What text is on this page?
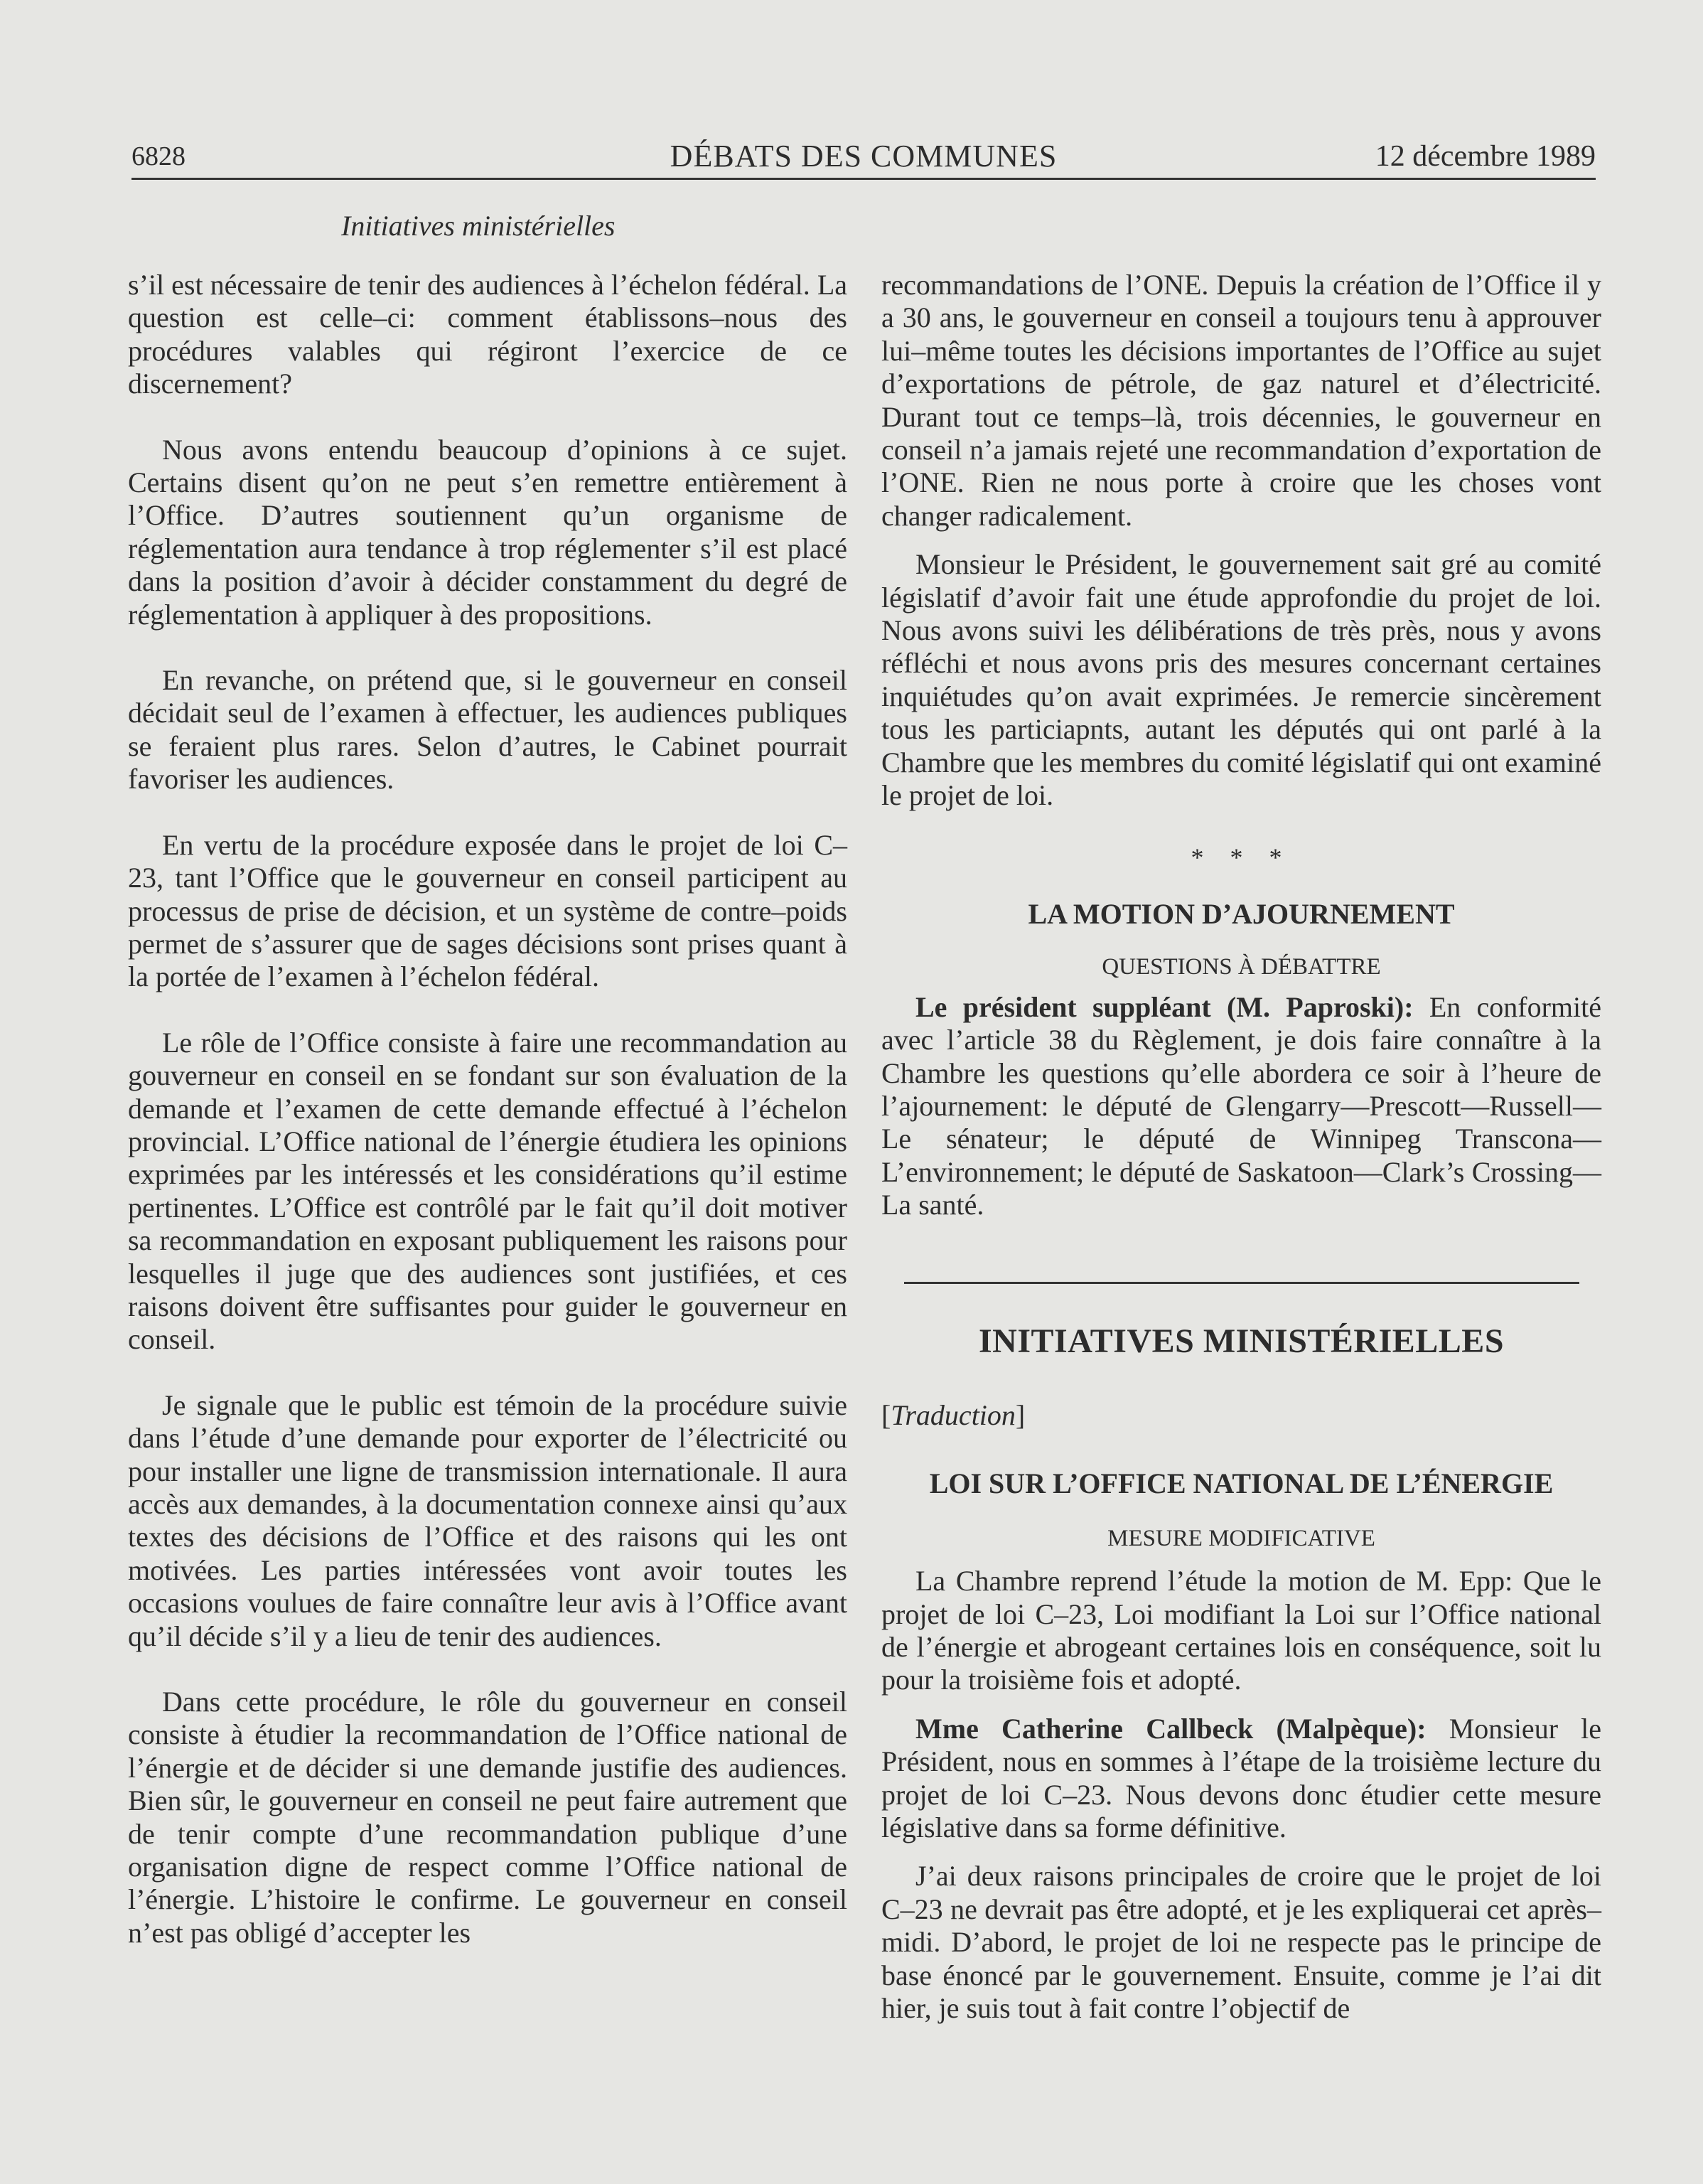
6828	DÉBATS DES COMMUNES	12 décembre 1989
Initiatives ministérielles

s’il est nécessaire de tenir des audiences à l’échelon fédéral. La question est celle–ci: comment établissons–nous des procédures valables qui régiront l’exercice de ce discernement?

Nous avons entendu beaucoup d’opinions à ce sujet. Certains disent qu’on ne peut s’en remettre entièrement à l’Office. D’autres soutiennent qu’un organisme de réglementation aura tendance à trop réglementer s’il est placé dans la position d’avoir à décider constamment du degré de réglementation à appliquer à des propositions.

En revanche, on prétend que, si le gouverneur en conseil décidait seul de l’examen à effectuer, les audiences publiques se feraient plus rares. Selon d’autres, le Cabinet pourrait favoriser les audiences.

En vertu de la procédure exposée dans le projet de loi C–23, tant l’Office que le gouverneur en conseil participent au processus de prise de décision, et un système de contre–poids permet de s’assurer que de sages décisions sont prises quant à la portée de l’examen à l’échelon fédéral.

Le rôle de l’Office consiste à faire une recommandation au gouverneur en conseil en se fondant sur son évaluation de la demande et l’examen de cette demande effectué à l’échelon provincial. L’Office national de l’énergie étudiera les opinions exprimées par les intéressés et les considérations qu’il estime pertinentes. L’Office est contrôlé par le fait qu’il doit motiver sa recommandation en exposant publiquement les raisons pour lesquelles il juge que des audiences sont justifiées, et ces raisons doivent être suffisantes pour guider le gouverneur en conseil.

Je signale que le public est témoin de la procédure suivie dans l’étude d’une demande pour exporter de l’électricité ou pour installer une ligne de transmission internationale. Il aura accès aux demandes, à la documentation connexe ainsi qu’aux textes des décisions de l’Office et des raisons qui les ont motivées. Les parties intéressées vont avoir toutes les occasions voulues de faire connaître leur avis à l’Office avant qu’il décide s’il y a lieu de tenir des audiences.

Dans cette procédure, le rôle du gouverneur en conseil consiste à étudier la recommandation de l’Office national de l’énergie et de décider si une demande justifie des audiences. Bien sûr, le gouverneur en conseil ne peut faire autrement que de tenir compte d’une recommandation publique d’une organisation digne de respect comme l’Office national de l’énergie. L’histoire le confirme. Le gouverneur en conseil n’est pas obligé d’accepter les

recommandations de l’ONE. Depuis la création de l’Office il y a 30 ans, le gouverneur en conseil a toujours tenu à approuver lui–même toutes les décisions importantes de l’Office au sujet d’exportations de pétrole, de gaz naturel et d’électricité. Durant tout ce temps–là, trois décennies, le gouverneur en conseil n’a jamais rejeté une recommandation d’exportation de l’ONE. Rien ne nous porte à croire que les choses vont changer radicalement.

Monsieur le Président, le gouvernement sait gré au comité législatif d’avoir fait une étude approfondie du projet de loi. Nous avons suivi les délibérations de très près, nous y avons réfléchi et nous avons pris des mesures concernant certaines inquiétudes qu’on avait exprimées. Je remercie sincèrement tous les particiapnts, autant les députés qui ont parlé à la Chambre que les membres du comité législatif qui ont examiné le projet de loi.

* * *
LA MOTION D’AJOURNEMENT
QUESTIONS À DÉBATTRE

Le président suppléant (M. Paproski): En conformité avec l’article 38 du Règlement, je dois faire connaître à la Chambre les questions qu’elle abordera ce soir à l’heure de l’ajournement: le député de Glengarry—Prescott—Russell—Le sénateur; le député de Winnipeg Transcona—L’environnement; le député de Saskatoon—Clark’s Crossing—La santé.

INITIATIVES MINISTÉRIELLES
[Traduction]
LOI SUR L’OFFICE NATIONAL DE L’ÉNERGIE
MESURE MODIFICATIVE

La Chambre reprend l’étude la motion de M. Epp: Que le projet de loi C–23, Loi modifiant la Loi sur l’Office national de l’énergie et abrogeant certaines lois en conséquence, soit lu pour la troisième fois et adopté.

Mme Catherine Callbeck (Malpèque): Monsieur le Président, nous en sommes à l’étape de la troisième lecture du projet de loi C–23. Nous devons donc étudier cette mesure législative dans sa forme définitive.

J’ai deux raisons principales de croire que le projet de loi C–23 ne devrait pas être adopté, et je les expliquerai cet après–midi. D’abord, le projet de loi ne respecte pas le principe de base énoncé par le gouvernement. Ensuite, comme je l’ai dit hier, je suis tout à fait contre l’objectif de
